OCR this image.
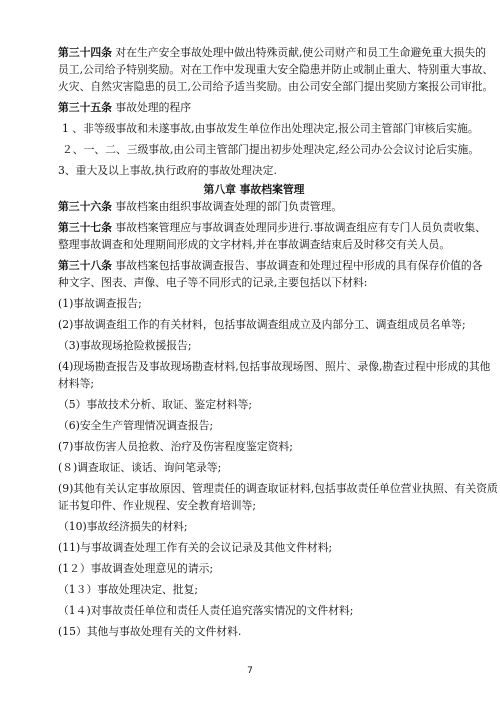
第三十四条 对在生产安全事故处理中做出特殊贡献,使公司财产和员工生命避免重大损失的
员工,公司给予特别奖励。对在工作中发现重大安全隐患并防止或制止重大、特别重大事故、
火灾、自然灾害隐患的员工,公司给予适当奖励。由公司安全部门提出奖励方案报公司审批。
第三十五条 事故处理的程序
1 、非等级事故和未遂事故,由事故发生单位作出处理决定,报公司主管部门审核后实施。
２、一、二、三级事故,由公司主管部门提出初步处理决定,经公司办公会议讨论后实施。
3、重大及以上事故,执行政府的事故处理决定.
第八章 事故档案管理
第三十六条 事故档案由组织事故调查处理的部门负责管理。
第三十七条 事故档案管理应与事故调查处理同步进行.事故调查组应有专门人员负责收集、
整理事故调查和处理期间形成的文字材料,并在事故调查结束后及时移交有关人员。
第三十八条 事故档案包括事故调查报告、事故调查和处理过程中形成的具有保存价值的各
种文字、图表、声像、电子等不同形式的记录,主要包括以下材料:
(1)事故调查报告;
(2)事故调查组工作的有关材料，包括事故调查组成立及内部分工、调查组成员名单等;
（3)事故现场抢险救援报告;
(4)现场勘查报告及事故现场勘查材料,包括事故现场图、照片、录像,勘查过程中形成的其他
材料等;
（5）事故技术分析、取证、鉴定材料等;
（6)安全生产管理情况调查报告;
(7)事故伤害人员抢救、治疗及伤害程度鉴定资料;
(８)调查取证、谈话、询问笔录等;
(9)其他有关认定事故原因、管理责任的调查取证材料,包括事故责任单位营业执照、有关资质
证书复印件、作业规程、安全教育培训等;
（10)事故经济损失的材料;
(11)与事故调查处理工作有关的会议记录及其他文件材料;
(1２）事故调查处理意见的请示;
（1３）事故处理决定、批复;
（1４)对事故责任单位和责任人责任追究落实情况的文件材料;
(15）其他与事故处理有关的文件材料.
7
